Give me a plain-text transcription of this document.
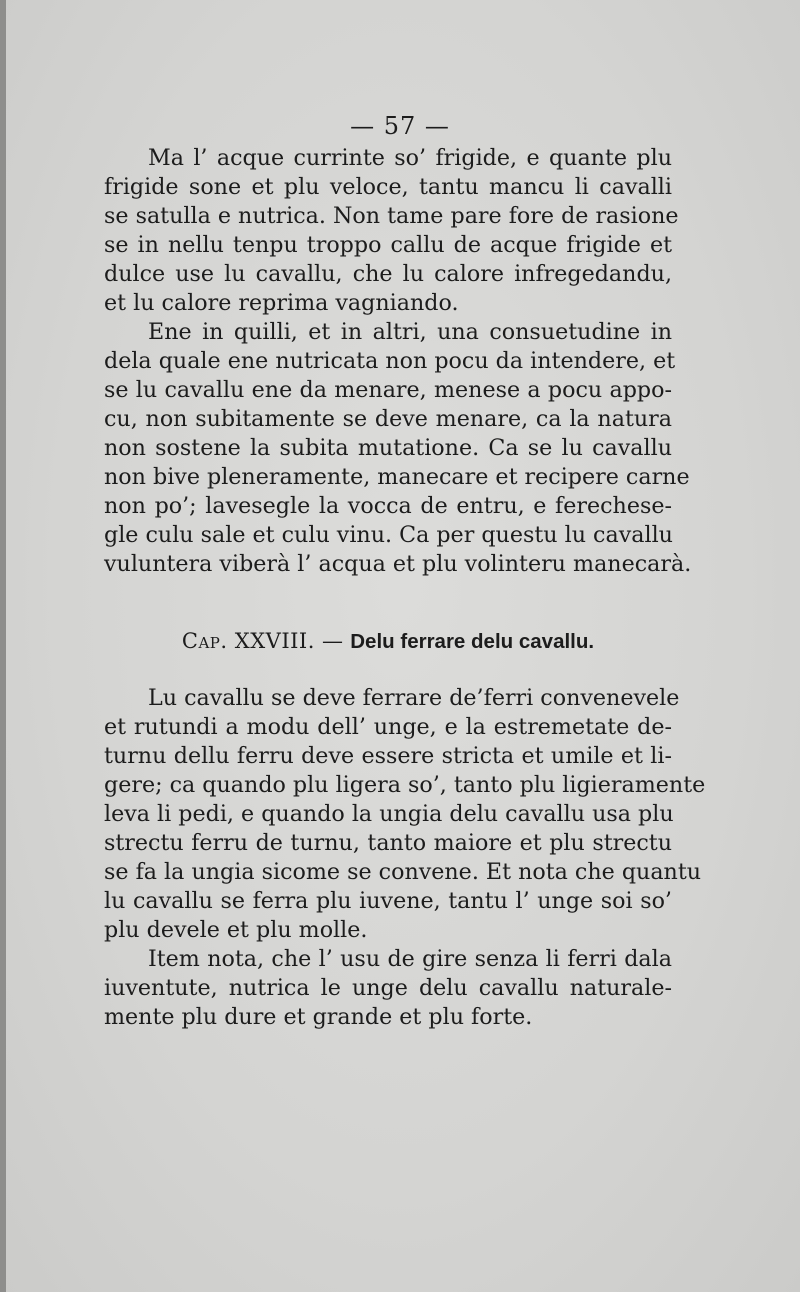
— 57 —

Ma l’ acque currinte so’ frigide, e quante plu
frigide sone et plu veloce, tantu mancu li cavalli
se satulla e nutrica. Non tame pare fore de rasione
se in nellu tenpu troppo callu de acque frigide et
dulce use lu cavallu, che lu calore infregedandu,
et lu calore reprima vagniando.

Ene in quilli, et in altri, una consuetudine in
dela quale ene nutricata non pocu da intendere, et
se lu cavallu ene da menare, menese a pocu appo-
cu, non subitamente se deve menare, ca la natura
non sostene la subita mutatione. Ca se lu cavallu
non bive pleneramente, manecare et recipere carne
non po’; lavesegle la vocca de entru, e ferechese-
gle culu sale et culu vinu. Ca per questu lu cavallu
vuluntera viberà l’ acqua et plu volinteru manecarà.

Cap. XXVIII. — Delu ferrare delu cavallu.

Lu cavallu se deve ferrare de’ferri convenevele
et rutundi a modu dell’ unge, e la estremetate de-
turnu dellu ferru deve essere stricta et umile et li-
gere; ca quando plu ligera so’, tanto plu ligieramente
leva li pedi, e quando la ungia delu cavallu usa plu
strectu ferru de turnu, tanto maiore et plu strectu
se fa la ungia sicome se convene. Et nota che quantu
lu cavallu se ferra plu iuvene, tantu l’ unge soi so’
plu devele et plu molle.

Item nota, che l’ usu de gire senza li ferri dala
iuventute, nutrica le unge delu cavallu naturale-
mente plu dure et grande et plu forte.
